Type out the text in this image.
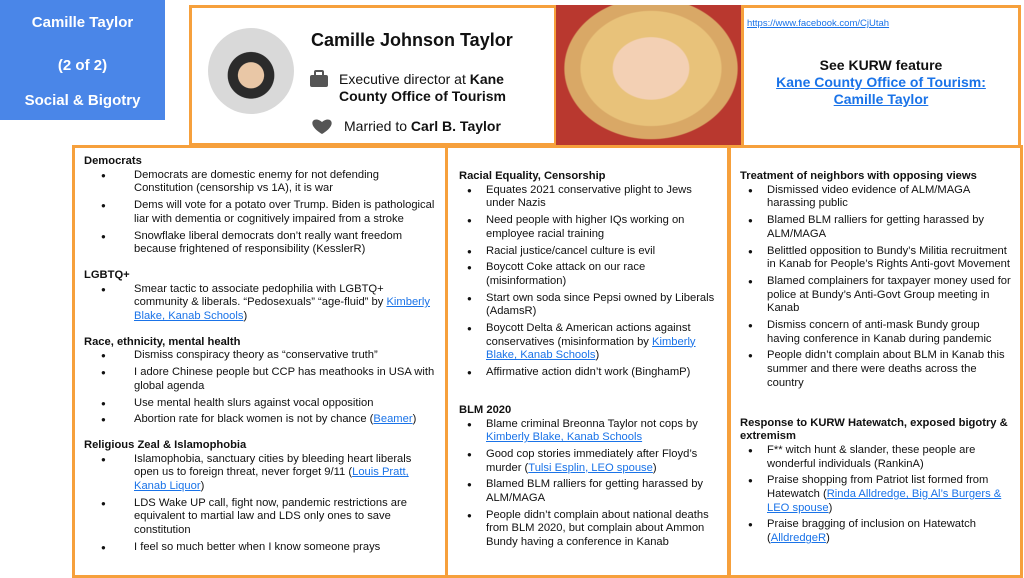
Camille Taylor
(2 of 2)
Social & Bigotry
Camille Johnson Taylor
Executive director at Kane
County Office of Tourism
Married to Carl B. Taylor
https://www.facebook.com/CjUtah
See KURW feature
Kane County Office of Tourism:
Camille Taylor

Democrats

● Democrats are domestic enemy for not defending Constitution (censorship vs 1A), it is war
● Dems will vote for a potato over Trump. Biden is pathological liar with dementia or cognitively impaired from a stroke
● Snowflake liberal democrats don’t really want freedom because frightened of responsibility (KesslerR)

LGBTQ+

● Smear tactic to associate pedophilia with LGBTQ+ community & liberals. “Pedosexuals” “age-fluid” by Kimberly Blake, Kanab Schools)

Race, ethnicity, mental health

● Dismiss conspiracy theory as “conservative truth”
● I adore Chinese people but CCP has meathooks in USA with global agenda
● Use mental health slurs against vocal opposition
● Abortion rate for black women is not by chance (Beamer)

Religious Zeal & Islamophobia

● Islamophobia, sanctuary cities by bleeding heart liberals open us to foreign threat, never forget 9/11 (Louis Pratt, Kanab Liquor)
● LDS Wake UP call, fight now, pandemic restrictions are equivalent to martial law and LDS only ones to save constitution
● I feel so much better when I know someone prays

Racial Equality, Censorship

● Equates 2021 conservative plight to Jews under Nazis
● Need people with higher IQs working on employee racial training
● Racial justice/cancel culture is evil
● Boycott Coke attack on our race (misinformation)
● Start own soda since Pepsi owned by Liberals (AdamsR)
● Boycott Delta & American actions against conservatives (misinformation by Kimberly Blake, Kanab Schools)
● Affirmative action didn’t work (BinghamP)

BLM 2020

● Blame criminal Breonna Taylor not cops by Kimberly Blake, Kanab Schools
● Good cop stories immediately after Floyd’s murder (Tulsi Esplin, LEO spouse)
● Blamed BLM ralliers for getting harassed by ALM/MAGA
● People didn’t complain about national deaths from BLM 2020, but complain about Ammon Bundy having a conference in Kanab

Treatment of neighbors with opposing views

● Dismissed video evidence of ALM/MAGA harassing public
● Blamed BLM ralliers for getting harassed by ALM/MAGA
● Belittled opposition to Bundy’s Militia recruitment in Kanab for People’s Rights Anti-govt Movement
● Blamed complainers for taxpayer money used for police at Bundy’s Anti-Govt Group meeting in Kanab
● Dismiss concern of anti-mask Bundy group having conference in Kanab during pandemic
● People didn’t complain about BLM in Kanab this summer and there were deaths across the country

Response to KURW Hatewatch, exposed bigotry & extremism

● F** witch hunt & slander, these people are wonderful individuals (RankinA)
● Praise shopping from Patriot list formed from Hatewatch (Rinda Alldredge, Big Al’s Burgers & LEO spouse)
● Praise bragging of inclusion on Hatewatch (AlldredgeR)
